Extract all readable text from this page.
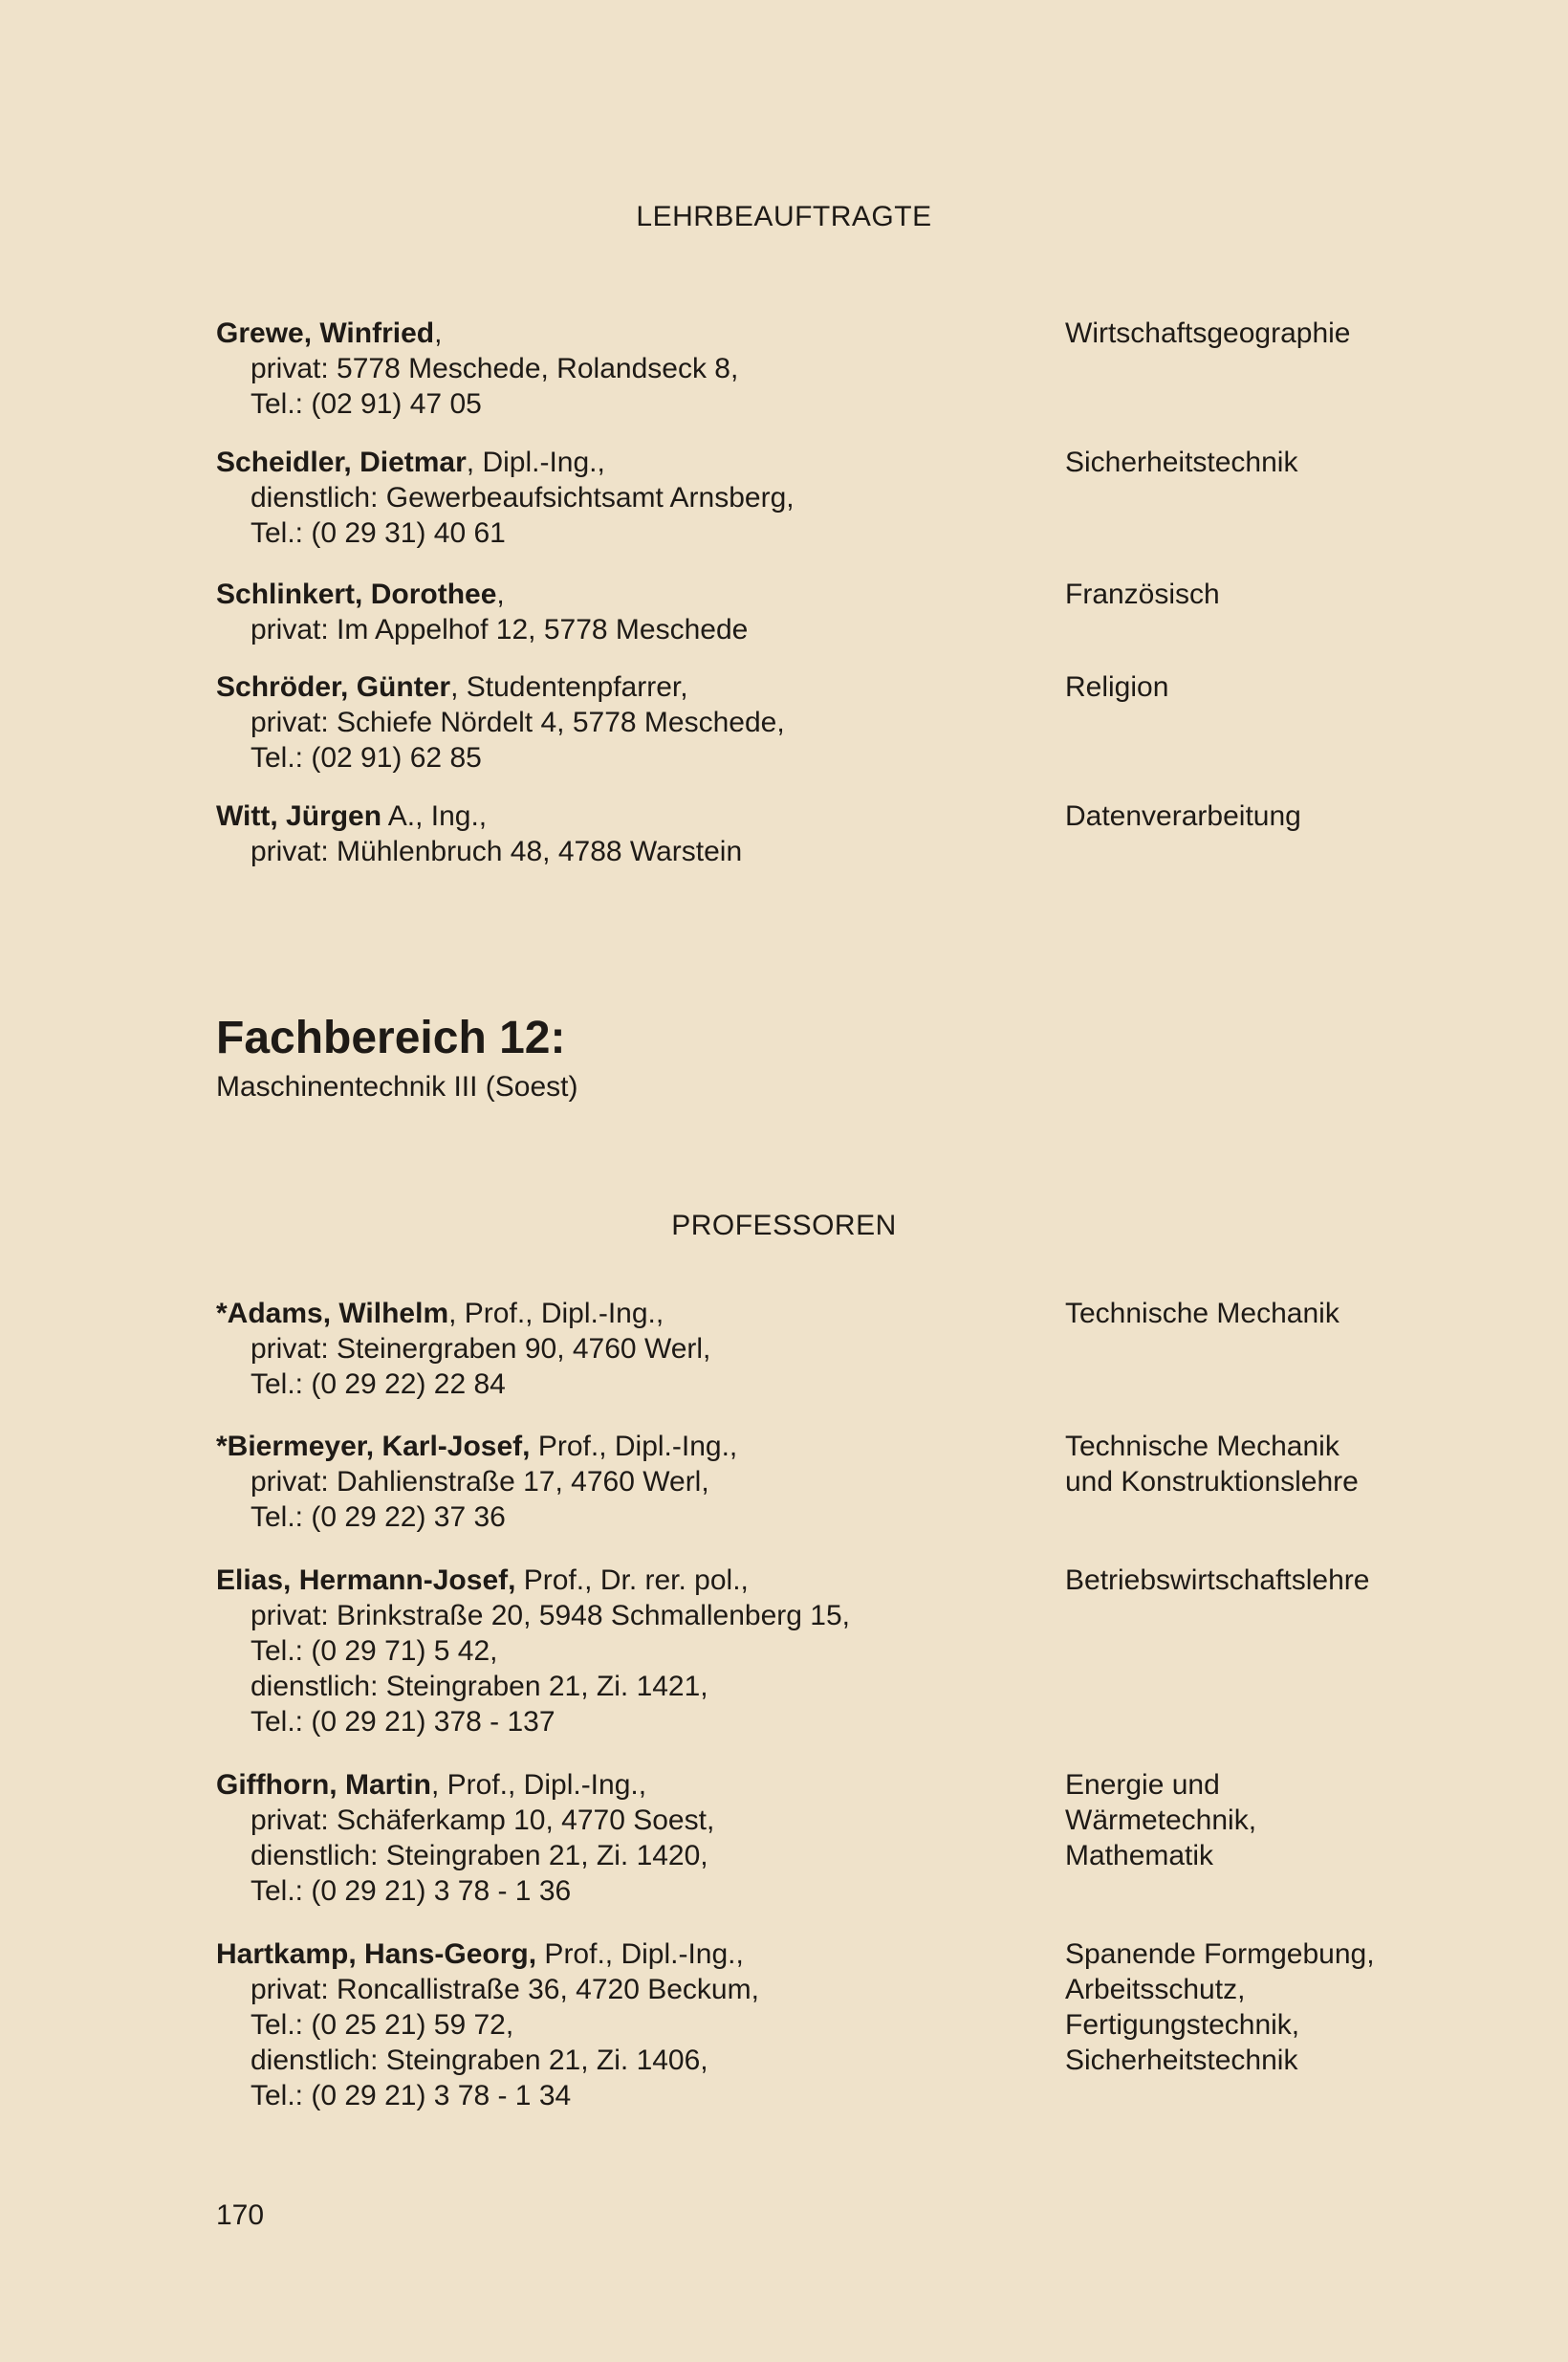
LEHRBEAUFTRAGTE
Grewe, Winfried,
privat: 5778 Meschede, Rolandseck 8,
Tel.: (02 91) 47 05
Wirtschaftsgeographie
Scheidler, Dietmar, Dipl.-Ing.,
dienstlich: Gewerbeaufsichtsamt Arnsberg,
Tel.: (0 29 31) 40 61
Sicherheitstechnik
Schlinkert, Dorothee,
privat: Im Appelhof 12, 5778 Meschede
Französisch
Schröder, Günter, Studentenpfarrer,
privat: Schiefe Nördelt 4, 5778 Meschede,
Tel.: (02 91) 62 85
Religion
Witt, Jürgen A., Ing.,
privat: Mühlenbruch 48, 4788 Warstein
Datenverarbeitung
Fachbereich 12:
Maschinentechnik III (Soest)
PROFESSOREN
*Adams, Wilhelm, Prof., Dipl.-Ing.,
privat: Steinergraben 90, 4760 Werl,
Tel.: (0 29 22) 22 84
Technische Mechanik
*Biermeyer, Karl-Josef, Prof., Dipl.-Ing.,
privat: Dahlienstraße 17, 4760 Werl,
Tel.: (0 29 22) 37 36
Technische Mechanik
und Konstruktionslehre
Elias, Hermann-Josef, Prof., Dr. rer. pol.,
privat: Brinkstraße 20, 5948 Schmallenberg 15,
Tel.: (0 29 71) 5 42,
dienstlich: Steingraben 21, Zi. 1421,
Tel.: (0 29 21) 378 - 137
Betriebswirtschaftslehre
Giffhorn, Martin, Prof., Dipl.-Ing.,
privat: Schäferkamp 10, 4770 Soest,
dienstlich: Steingraben 21, Zi. 1420,
Tel.: (0 29 21) 3 78 - 1 36
Energie und
Wärmetechnik,
Mathematik
Hartkamp, Hans-Georg, Prof., Dipl.-Ing.,
privat: Roncallistraße 36, 4720 Beckum,
Tel.: (0 25 21) 59 72,
dienstlich: Steingraben 21, Zi. 1406,
Tel.: (0 29 21) 3 78 - 1 34
Spanende Formgebung,
Arbeitsschutz,
Fertigungstechnik,
Sicherheitstechnik
170
